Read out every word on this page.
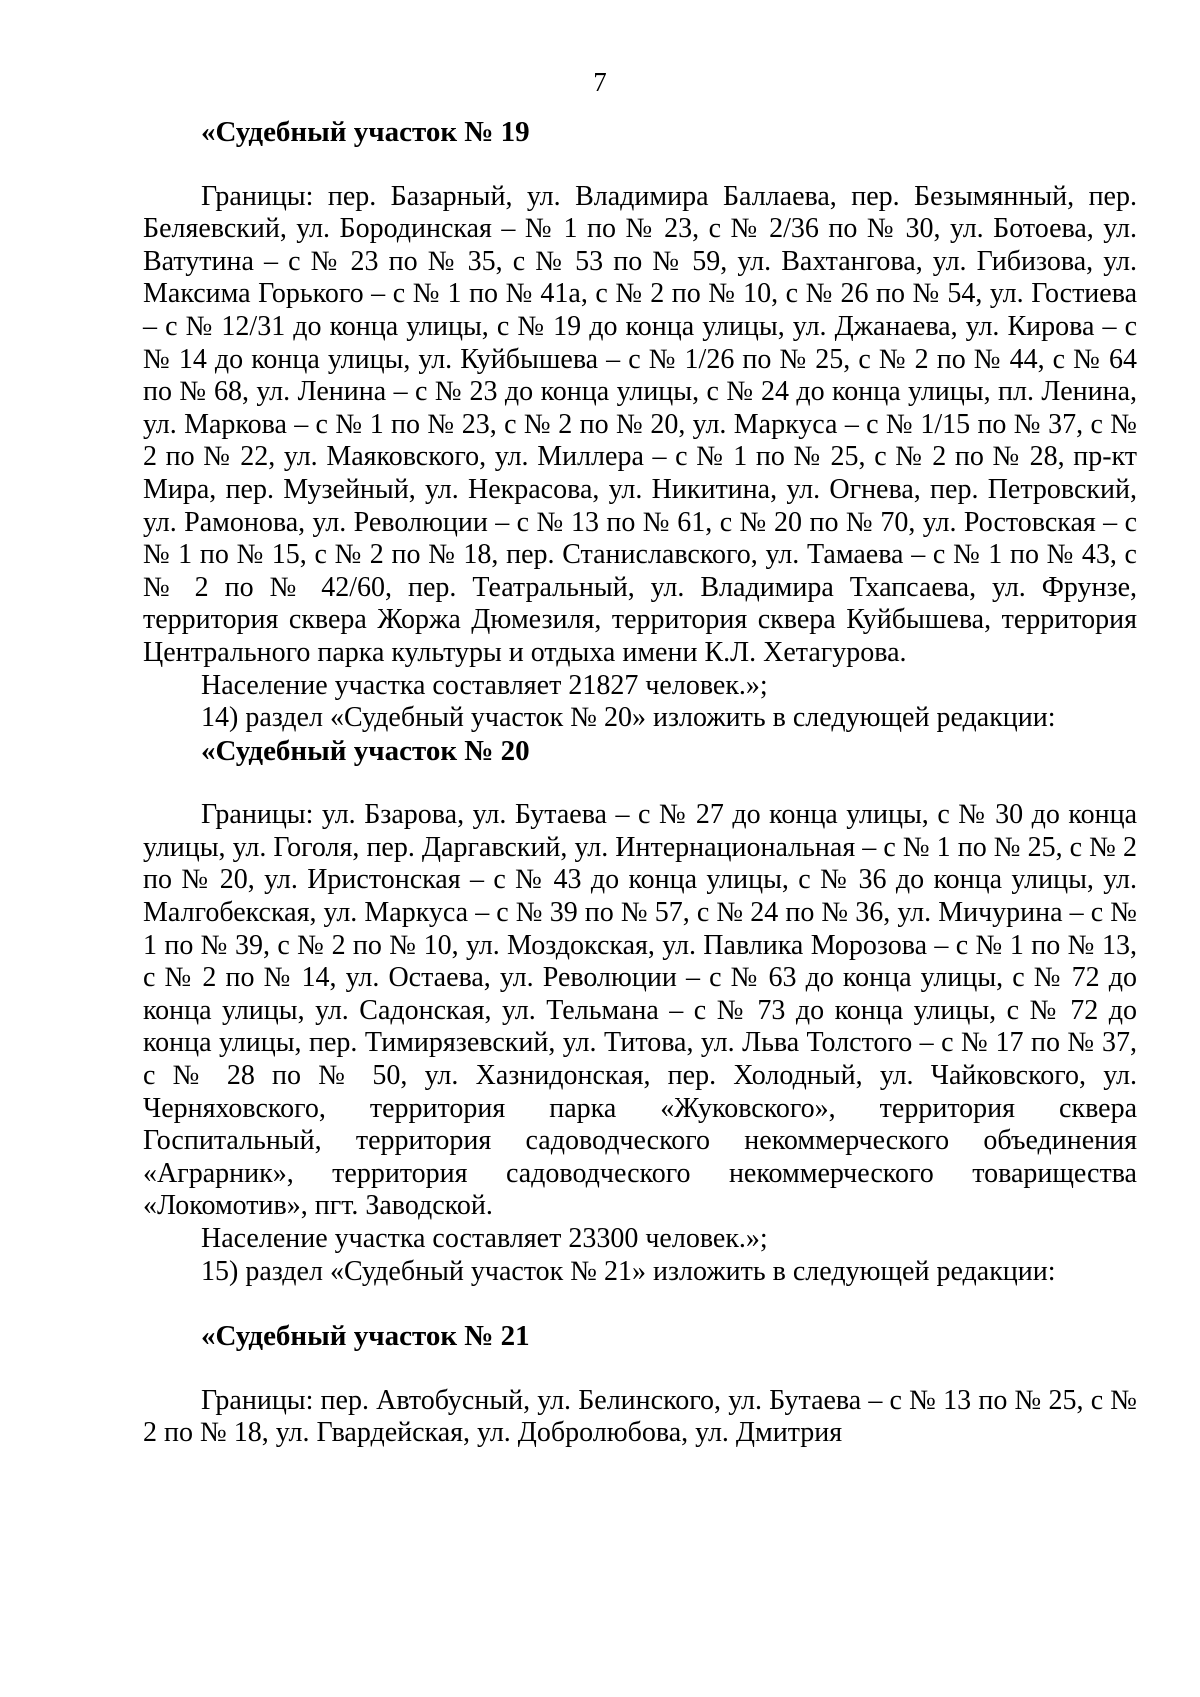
7

«Судебный участок № 19

Границы: пер. Базарный, ул. Владимира Баллаева, пер. Безымянный, пер. Беляевский, ул. Бородинская – № 1 по № 23, с № 2/36 по № 30, ул. Ботоева, ул. Ватутина – с № 23 по № 35, с № 53 по № 59, ул. Вахтангова, ул. Гибизова, ул. Максима Горького – с № 1 по № 41а, с № 2 по № 10, с № 26 по № 54, ул. Гостиева – с № 12/31 до конца улицы, с № 19 до конца улицы, ул. Джанаева, ул. Кирова – с № 14 до конца улицы, ул. Куйбышева – с № 1/26 по № 25, с № 2 по № 44, с № 64 по № 68, ул. Ленина – с № 23 до конца улицы, с № 24 до конца улицы, пл. Ленина, ул. Маркова – с № 1 по № 23, с № 2 по № 20, ул. Маркуса – с № 1/15 по № 37, с № 2 по № 22, ул. Маяковского, ул. Миллера – с № 1 по № 25, с № 2 по № 28, пр-кт Мира, пер. Музейный, ул. Некрасова, ул. Никитина, ул. Огнева, пер. Петровский, ул. Рамонова, ул. Революции – с № 13 по № 61, с № 20 по № 70, ул. Ростовская – с № 1 по № 15, с № 2 по № 18, пер. Станиславского, ул. Тамаева – с № 1 по № 43, с № 2 по № 42/60, пер. Театральный, ул. Владимира Тхапсаева, ул. Фрунзе, территория сквера Жоржа Дюмезиля, территория сквера Куйбышева, территория Центрального парка культуры и отдыха имени К.Л. Хетагурова.

Население участка составляет 21827 человек.»;

14) раздел «Судебный участок № 20» изложить в следующей редакции:

«Судебный участок № 20

Границы: ул. Бзарова, ул. Бутаева – с № 27 до конца улицы, с № 30 до конца улицы, ул. Гоголя, пер. Даргавский, ул. Интернациональная – с № 1 по № 25, с № 2 по № 20, ул. Иристонская – с № 43 до конца улицы, с № 36 до конца улицы, ул. Малгобекская, ул. Маркуса – с № 39 по № 57, с № 24 по № 36, ул. Мичурина – с № 1 по № 39, с № 2 по № 10, ул. Моздокская, ул. Павлика Морозова – с № 1 по № 13, с № 2 по № 14, ул. Остаева, ул. Революции – с № 63 до конца улицы, с № 72 до конца улицы, ул. Садонская, ул. Тельмана – с № 73 до конца улицы, с № 72 до конца улицы, пер. Тимирязевский, ул. Титова, ул. Льва Толстого – с № 17 по № 37, с № 28 по № 50, ул. Хазнидонская, пер. Холодный, ул. Чайковского, ул. Черняховского, территория парка «Жуковского», территория сквера Госпитальный, территория садоводческого некоммерческого объединения «Аграрник», территория садоводческого некоммерческого товарищества «Локомотив», пгт. Заводской.

Население участка составляет 23300 человек.»;

15) раздел «Судебный участок № 21» изложить в следующей редакции:

«Судебный участок № 21

Границы: пер. Автобусный, ул. Белинского, ул. Бутаева – с № 13 по № 25, с № 2 по № 18, ул. Гвардейская, ул. Добролюбова, ул. Дмитрия
